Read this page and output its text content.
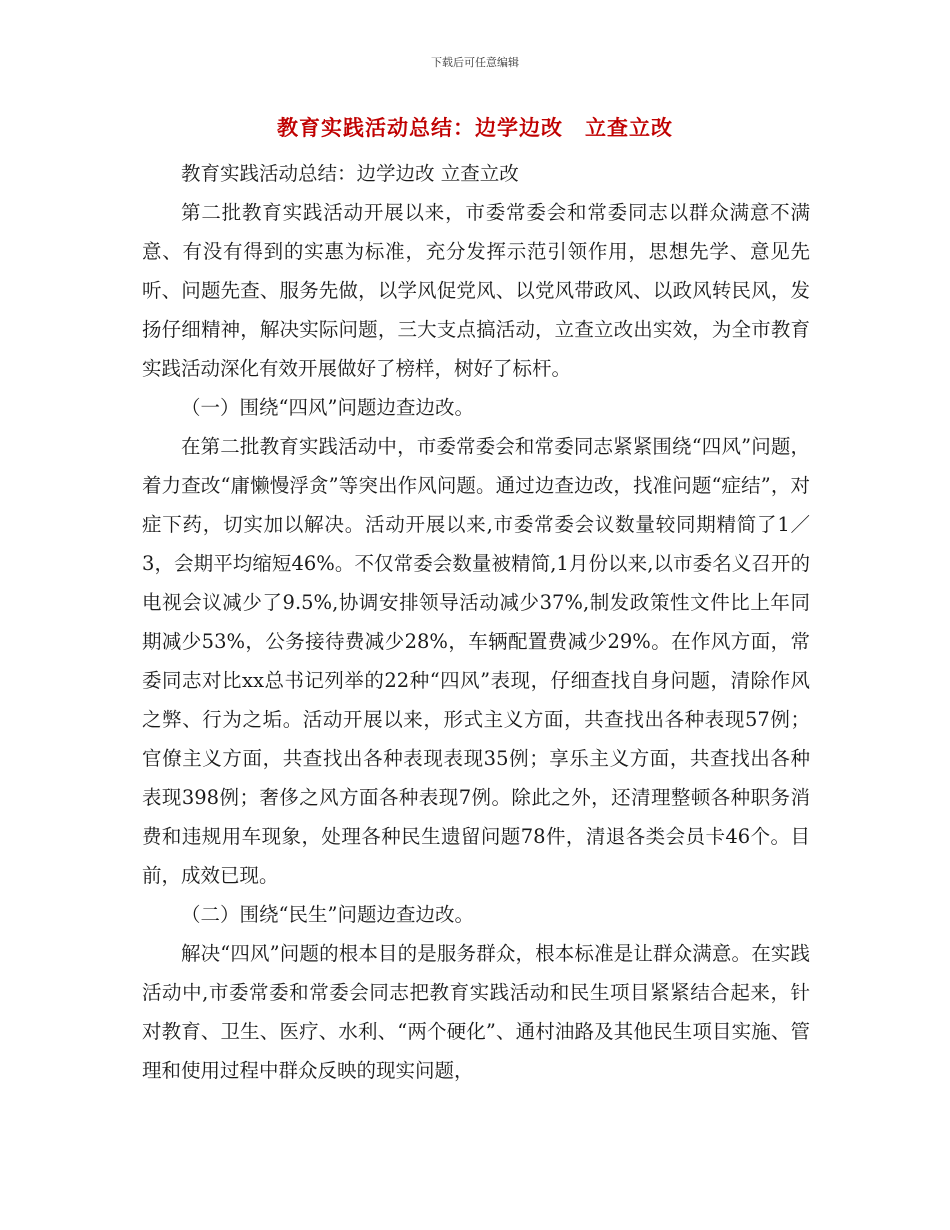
下载后可任意编辑
教育实践活动总结：边学边改　立查立改

教育实践活动总结：边学边改 立查立改

第二批教育实践活动开展以来，市委常委会和常委同志以群众满意不满意、有没有得到的实惠为标准，充分发挥示范引领作用，思想先学、意见先听、问题先查、服务先做，以学风促党风、以党风带政风、以政风转民风，发扬仔细精神，解决实际问题，三大支点搞活动，立查立改出实效，为全市教育实践活动深化有效开展做好了榜样，树好了标杆。

（一）围绕“四风”问题边查边改。

在第二批教育实践活动中，市委常委会和常委同志紧紧围绕“四风”问题，着力查改“庸懒慢浮贪”等突出作风问题。通过边查边改，找准问题“症结”，对症下药，切实加以解决。活动开展以来,市委常委会议数量较同期精简了1／3，会期平均缩短46%。不仅常委会数量被精简,1月份以来,以市委名义召开的电视会议减少了9.5%,协调安排领导活动减少37%,制发政策性文件比上年同期减少53%，公务接待费减少28%，车辆配置费减少29%。在作风方面，常委同志对比xx总书记列举的22种“四风”表现，仔细查找自身问题，清除作风之弊、行为之垢。活动开展以来，形式主义方面，共查找出各种表现57例；官僚主义方面，共查找出各种表现表现35例；享乐主义方面，共查找出各种表现398例；奢侈之风方面各种表现7例。除此之外，还清理整顿各种职务消费和违规用车现象，处理各种民生遗留问题78件，清退各类会员卡46个。目前，成效已现。

（二）围绕“民生”问题边查边改。

解决“四风”问题的根本目的是服务群众，根本标准是让群众满意。在实践活动中,市委常委和常委会同志把教育实践活动和民生项目紧紧结合起来，针对教育、卫生、医疗、水利、“两个硬化”、通村油路及其他民生项目实施、管理和使用过程中群众反映的现实问题，
